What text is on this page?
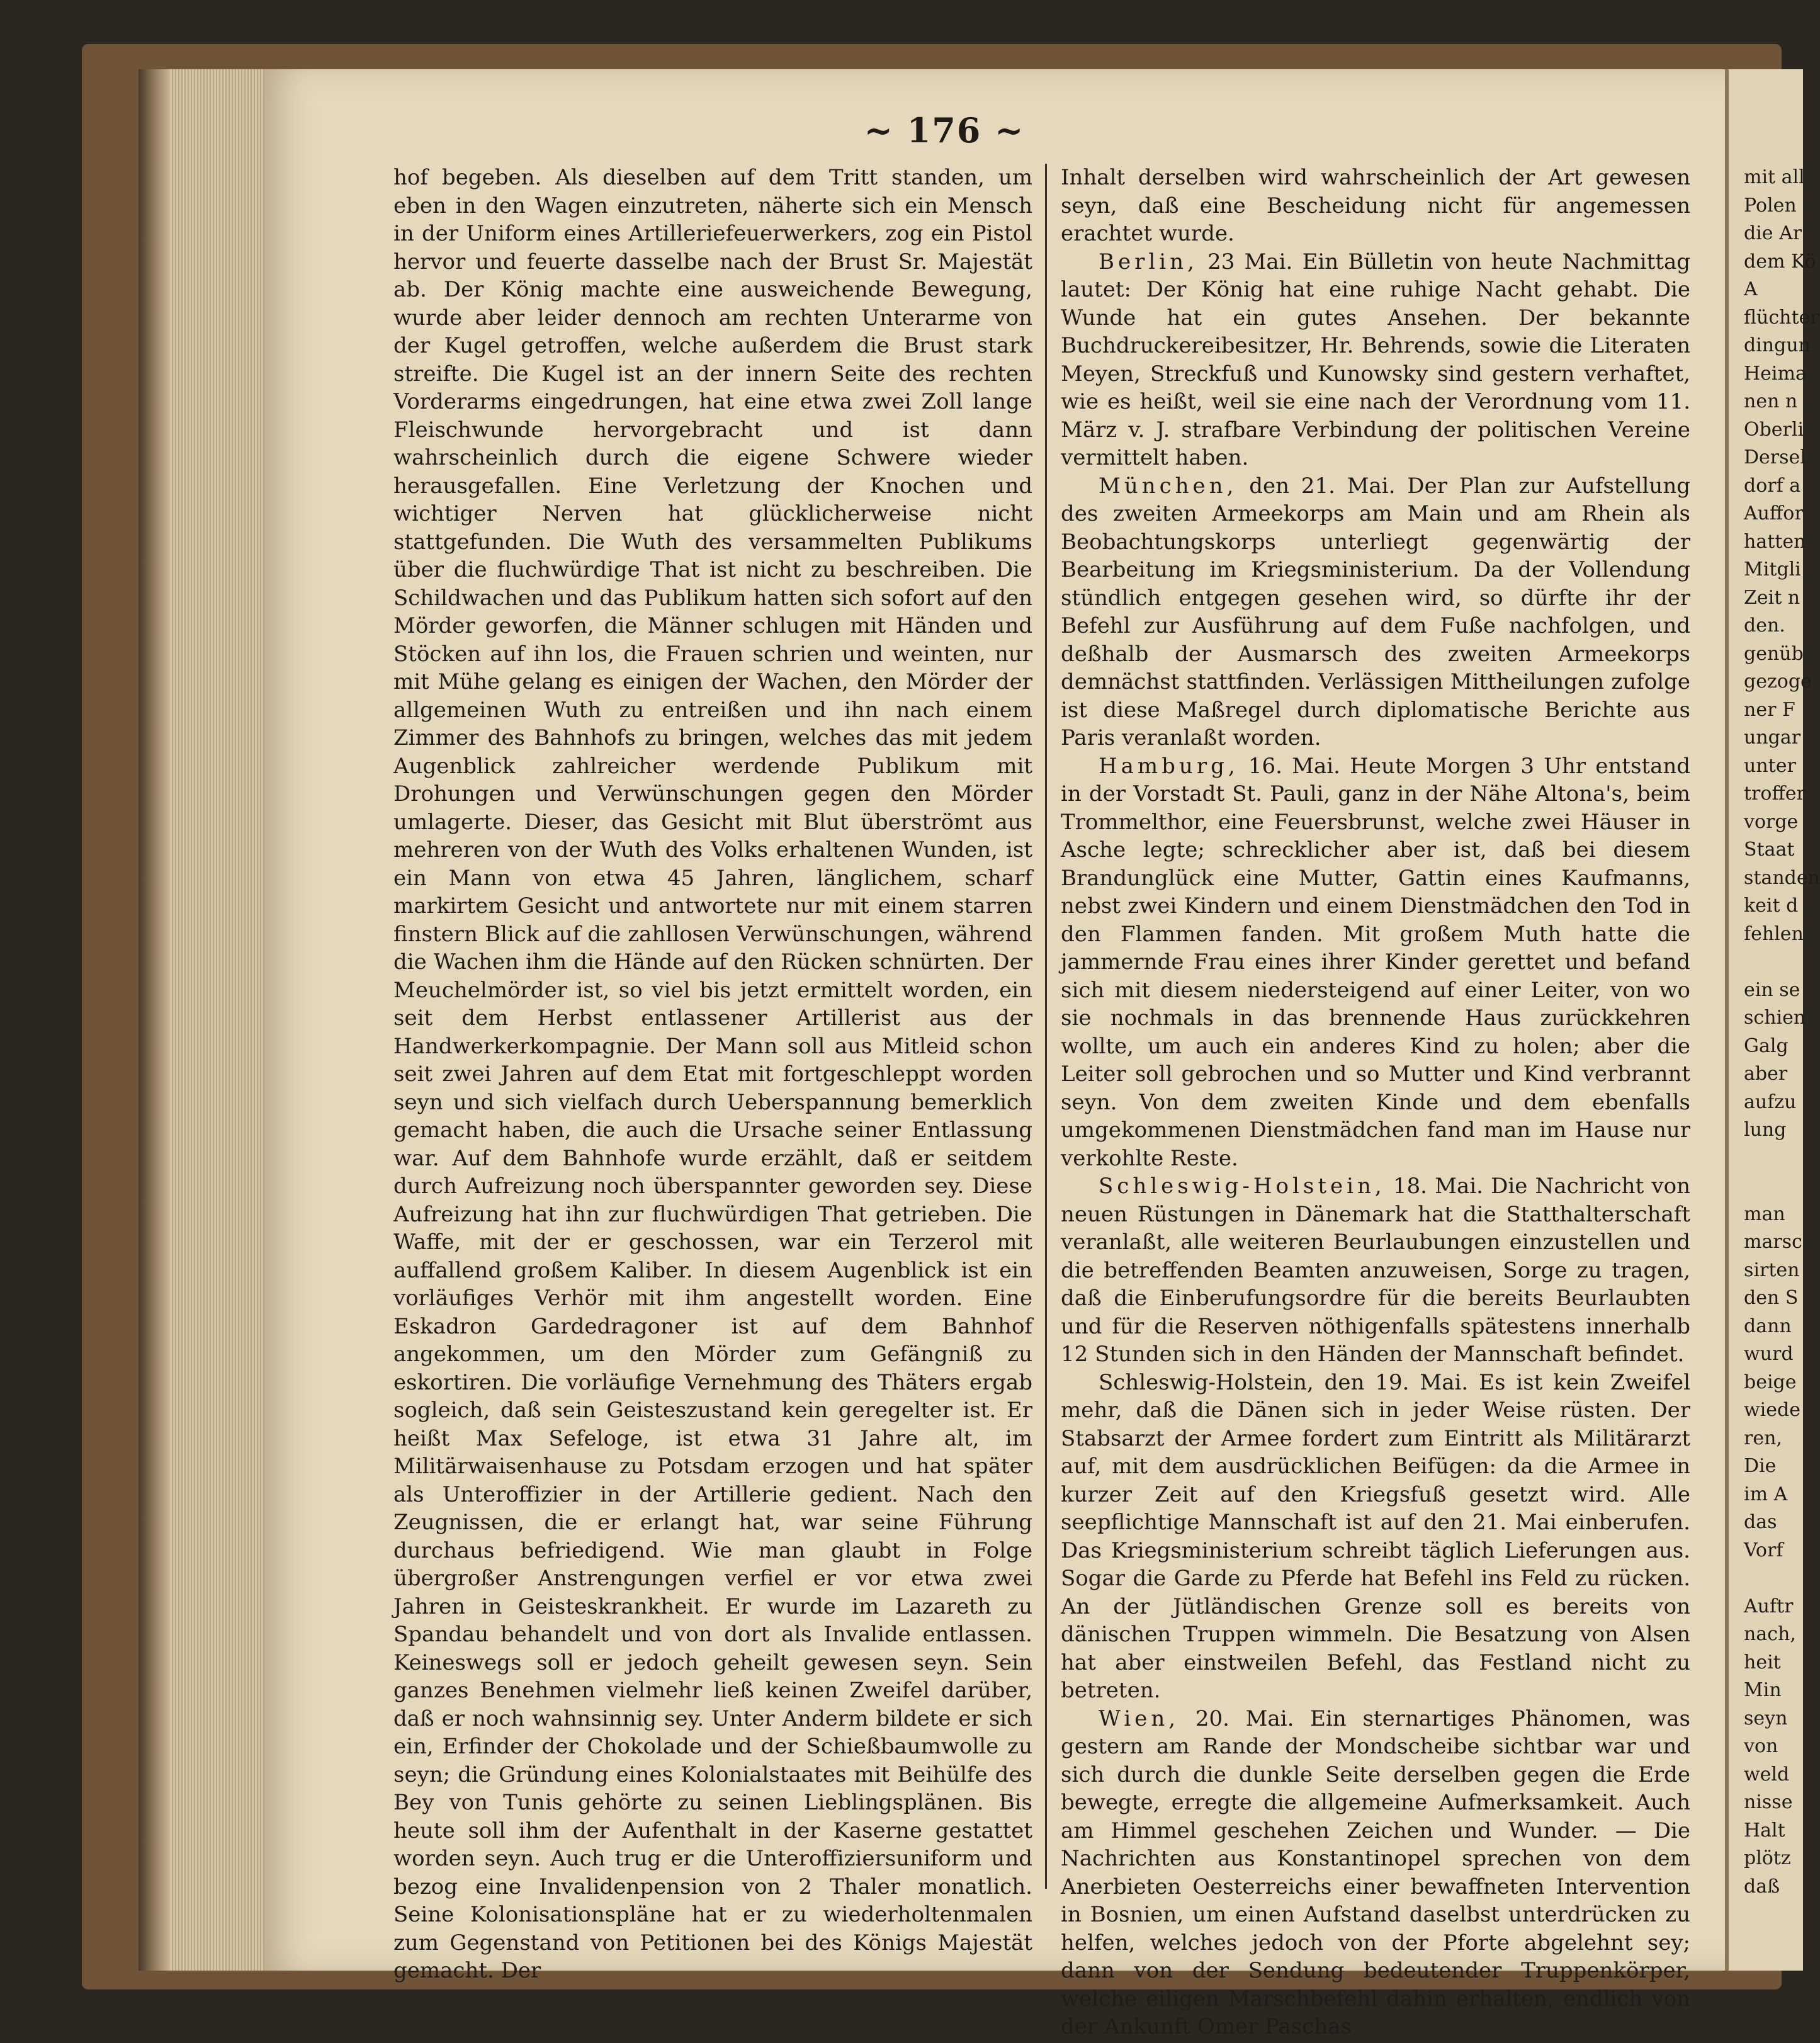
~ 176 ~

hof begeben. Als dieselben auf dem Tritt standen, um eben in den Wagen einzutreten, näherte sich ein Mensch in der Uniform eines Artilleriefeuerwerkers, zog ein Pistol hervor und feuerte dasselbe nach der Brust Sr. Majestät ab. Der König machte eine ausweichende Bewegung, wurde aber leider dennoch am rechten Unterarme von der Kugel getroffen, welche außerdem die Brust stark streifte. Die Kugel ist an der innern Seite des rechten Vorderarms eingedrungen, hat eine etwa zwei Zoll lange Fleischwunde hervorgebracht und ist dann wahrscheinlich durch die eigene Schwere wieder herausgefallen. Eine Verletzung der Knochen und wichtiger Nerven hat glücklicherweise nicht stattgefunden. Die Wuth des versammelten Publikums über die fluchwürdige That ist nicht zu beschreiben. Die Schildwachen und das Publikum hatten sich sofort auf den Mörder geworfen, die Männer schlugen mit Händen und Stöcken auf ihn los, die Frauen schrien und weinten, nur mit Mühe gelang es einigen der Wachen, den Mörder der allgemeinen Wuth zu entreißen und ihn nach einem Zimmer des Bahnhofs zu bringen, welches das mit jedem Augenblick zahlreicher werdende Publikum mit Drohungen und Verwünschungen gegen den Mörder umlagerte. Dieser, das Gesicht mit Blut überströmt aus mehreren von der Wuth des Volks erhaltenen Wunden, ist ein Mann von etwa 45 Jahren, länglichem, scharf markirtem Gesicht und antwortete nur mit einem starren finstern Blick auf die zahllosen Verwünschungen, während die Wachen ihm die Hände auf den Rücken schnürten. Der Meuchelmörder ist, so viel bis jetzt ermittelt worden, ein seit dem Herbst entlassener Artillerist aus der Handwerkerkompagnie. Der Mann soll aus Mitleid schon seit zwei Jahren auf dem Etat mit fortgeschleppt worden seyn und sich vielfach durch Ueberspannung bemerklich gemacht haben, die auch die Ursache seiner Entlassung war. Auf dem Bahnhofe wurde erzählt, daß er seitdem durch Aufreizung noch überspannter geworden sey. Diese Aufreizung hat ihn zur fluchwürdigen That getrieben. Die Waffe, mit der er geschossen, war ein Terzerol mit auffallend großem Kaliber. In diesem Augenblick ist ein vorläufiges Verhör mit ihm angestellt worden. Eine Eskadron Gardedragoner ist auf dem Bahnhof angekommen, um den Mörder zum Gefängniß zu eskortiren. Die vorläufige Vernehmung des Thäters ergab sogleich, daß sein Geisteszustand kein geregelter ist. Er heißt Max Sefeloge, ist etwa 31 Jahre alt, im Militärwaisenhause zu Potsdam erzogen und hat später als Unteroffizier in der Artillerie gedient. Nach den Zeugnissen, die er erlangt hat, war seine Führung durchaus befriedigend. Wie man glaubt in Folge übergroßer Anstrengungen verfiel er vor etwa zwei Jahren in Geisteskrankheit. Er wurde im Lazareth zu Spandau behandelt und von dort als Invalide entlassen. Keineswegs soll er jedoch geheilt gewesen seyn. Sein ganzes Benehmen vielmehr ließ keinen Zweifel darüber, daß er noch wahnsinnig sey. Unter Anderm bildete er sich ein, Erfinder der Chokolade und der Schießbaumwolle zu seyn; die Gründung eines Kolonialstaates mit Beihülfe des Bey von Tunis gehörte zu seinen Lieblingsplänen. Bis heute soll ihm der Aufenthalt in der Kaserne gestattet worden seyn. Auch trug er die Unteroffiziersuniform und bezog eine Invalidenpension von 2 Thaler monatlich. Seine Kolonisationspläne hat er zu wiederholtenmalen zum Gegenstand von Petitionen bei des Königs Majestät gemacht. Der

Inhalt derselben wird wahrscheinlich der Art gewesen seyn, daß eine Bescheidung nicht für angemessen erachtet wurde.

Berlin, 23 Mai. Ein Bülletin von heute Nachmittag lautet: Der König hat eine ruhige Nacht gehabt. Die Wunde hat ein gutes Ansehen. Der bekannte Buchdruckereibesitzer, Hr. Behrends, sowie die Literaten Meyen, Streckfuß und Kunowsky sind gestern verhaftet, wie es heißt, weil sie eine nach der Verordnung vom 11. März v. J. strafbare Verbindung der politischen Vereine vermittelt haben.

München, den 21. Mai. Der Plan zur Aufstellung des zweiten Armeekorps am Main und am Rhein als Beobachtungskorps unterliegt gegenwärtig der Bearbeitung im Kriegsministerium. Da der Vollendung stündlich entgegen gesehen wird, so dürfte ihr der Befehl zur Ausführung auf dem Fuße nachfolgen, und deßhalb der Ausmarsch des zweiten Armeekorps demnächst stattfinden. Verlässigen Mittheilungen zufolge ist diese Maßregel durch diplomatische Berichte aus Paris veranlaßt worden.

Hamburg, 16. Mai. Heute Morgen 3 Uhr entstand in der Vorstadt St. Pauli, ganz in der Nähe Altona's, beim Trommelthor, eine Feuersbrunst, welche zwei Häuser in Asche legte; schrecklicher aber ist, daß bei diesem Brandunglück eine Mutter, Gattin eines Kaufmanns, nebst zwei Kindern und einem Dienstmädchen den Tod in den Flammen fanden. Mit großem Muth hatte die jammernde Frau eines ihrer Kinder gerettet und befand sich mit diesem niedersteigend auf einer Leiter, von wo sie nochmals in das brennende Haus zurückkehren wollte, um auch ein anderes Kind zu holen; aber die Leiter soll gebrochen und so Mutter und Kind verbrannt seyn. Von dem zweiten Kinde und dem ebenfalls umgekommenen Dienstmädchen fand man im Hause nur verkohlte Reste.

Schleswig-Holstein, 18. Mai. Die Nachricht von neuen Rüstungen in Dänemark hat die Statthalterschaft veranlaßt, alle weiteren Beurlaubungen einzustellen und die betreffenden Beamten anzuweisen, Sorge zu tragen, daß die Einberufungsordre für die bereits Beurlaubten und für die Reserven nöthigenfalls spätestens innerhalb 12 Stunden sich in den Händen der Mannschaft befindet.

Schleswig-Holstein, den 19. Mai. Es ist kein Zweifel mehr, daß die Dänen sich in jeder Weise rüsten. Der Stabsarzt der Armee fordert zum Eintritt als Militärarzt auf, mit dem ausdrücklichen Beifügen: da die Armee in kurzer Zeit auf den Kriegsfuß gesetzt wird. Alle seepflichtige Mannschaft ist auf den 21. Mai einberufen. Das Kriegsministerium schreibt täglich Lieferungen aus. Sogar die Garde zu Pferde hat Befehl ins Feld zu rücken. An der Jütländischen Grenze soll es bereits von dänischen Truppen wimmeln. Die Besatzung von Alsen hat aber einstweilen Befehl, das Festland nicht zu betreten.

Wien, 20. Mai. Ein sternartiges Phänomen, was gestern am Rande der Mondscheibe sichtbar war und sich durch die dunkle Seite derselben gegen die Erde bewegte, erregte die allgemeine Aufmerksamkeit. Auch am Himmel geschehen Zeichen und Wunder. — Die Nachrichten aus Konstantinopel sprechen von dem Anerbieten Oesterreichs einer bewaffneten Intervention in Bosnien, um einen Aufstand daselbst unterdrücken zu helfen, welches jedoch von der Pforte abgelehnt sey; dann von der Sendung bedeutender Truppenkörper, welche eiligen Marschbefehl dahin erhalten, endlich von der Ankunft Omer Paschas

mit all
Polen
die Ar
dem Kö
A
flüchter
dingun
Heima
nen n
Oberli
Dersel
dorf a
Auffor
hatten
Mitgli
Zeit n
den.
genüb
gezoge
ner F
ungar
unter
troffer
vorge
Staat
standen
keit d
fehlen
ein se
schien
Galg
aber
aufzu
lung
man
marsc
sirten
den S
dann
wurd
beige
wiede
ren,
Die
im A
das
Vorf
Auftr
nach,
heit
Min
seyn
von
weld
nisse
Halt
plötz
daß
